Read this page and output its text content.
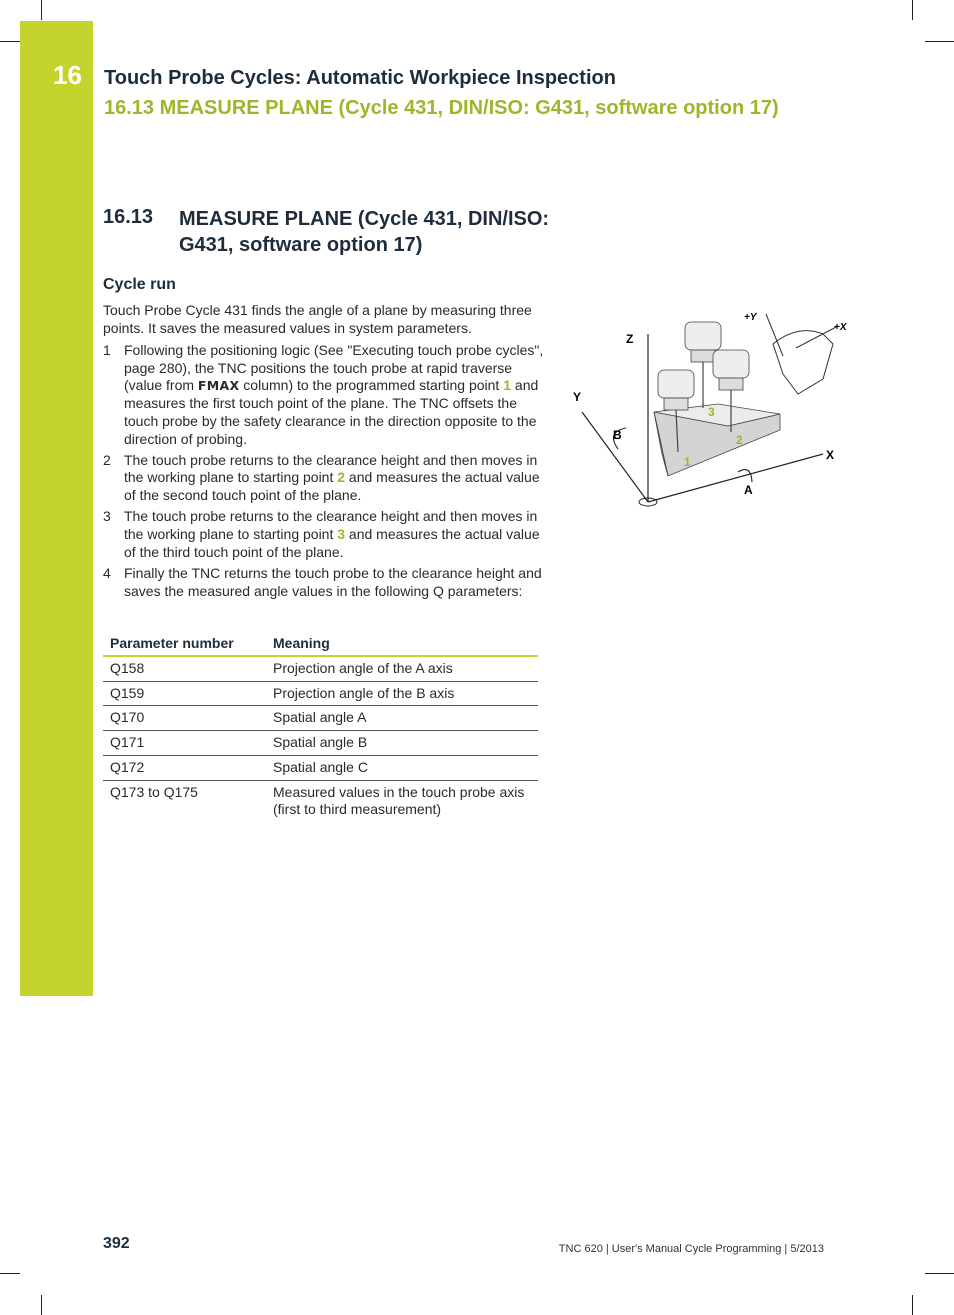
16 Touch Probe Cycles: Automatic Workpiece Inspection
16.13 MEASURE PLANE (Cycle 431, DIN/ISO: G431, software option 17)
16.13 MEASURE PLANE (Cycle 431, DIN/ISO:
G431, software option 17)
Cycle run
Touch Probe Cycle 431 finds the angle of a plane by measuring three points. It saves the measured values in system parameters.
1 Following the positioning logic (See "Executing touch probe cycles", page 280), the TNC positions the touch probe at rapid traverse (value from FMAX column) to the programmed starting point 1 and measures the first touch point of the plane. The TNC offsets the touch probe by the safety clearance in the direction opposite to the direction of probing.
2 The touch probe returns to the clearance height and then moves in the working plane to starting point 2 and measures the actual value of the second touch point of the plane.
3 The touch probe returns to the clearance height and then moves in the working plane to starting point 3 and measures the actual value of the third touch point of the plane.
4 Finally the TNC returns the touch probe to the clearance height and saves the measured angle values in the following Q parameters:
Parameter number	Meaning
Q158	Projection angle of the A axis
Q159	Projection angle of the B axis
Q170	Spatial angle A
Q171	Spatial angle B
Q172	Spatial angle C
Q173 to Q175	Measured values in the touch probe axis (first to third measurement)
Z
Y
X
B
A
+Y
+X
1
2
3
392	TNC 620 | User's Manual Cycle Programming | 5/2013
